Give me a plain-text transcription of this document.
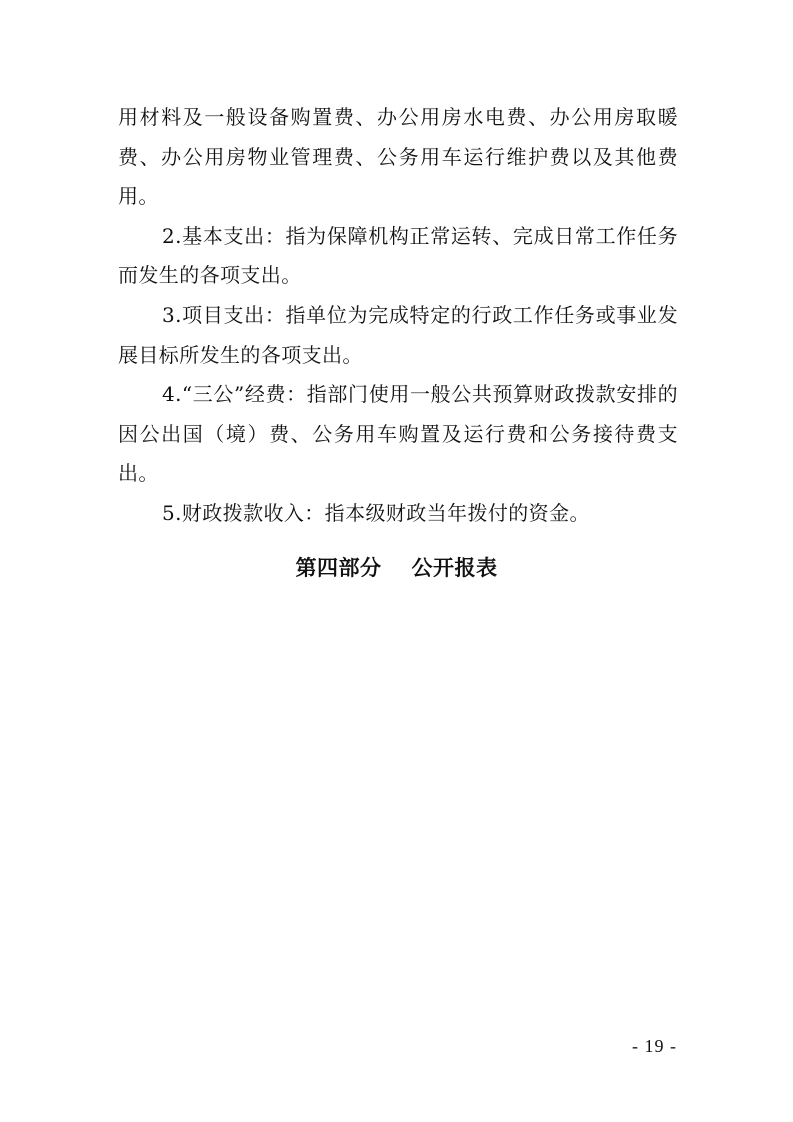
用材料及一般设备购置费、办公用房水电费、办公用房取暖费、办公用房物业管理费、公务用车运行维护费以及其他费用。

2.基本支出：指为保障机构正常运转、完成日常工作任务而发生的各项支出。

3.项目支出：指单位为完成特定的行政工作任务或事业发展目标所发生的各项支出。

4.“三公”经费：指部门使用一般公共预算财政拨款安排的因公出国（境）费、公务用车购置及运行费和公务接待费支出。

5.财政拨款收入：指本级财政当年拨付的资金。

第四部分 公开报表
- 19 -
